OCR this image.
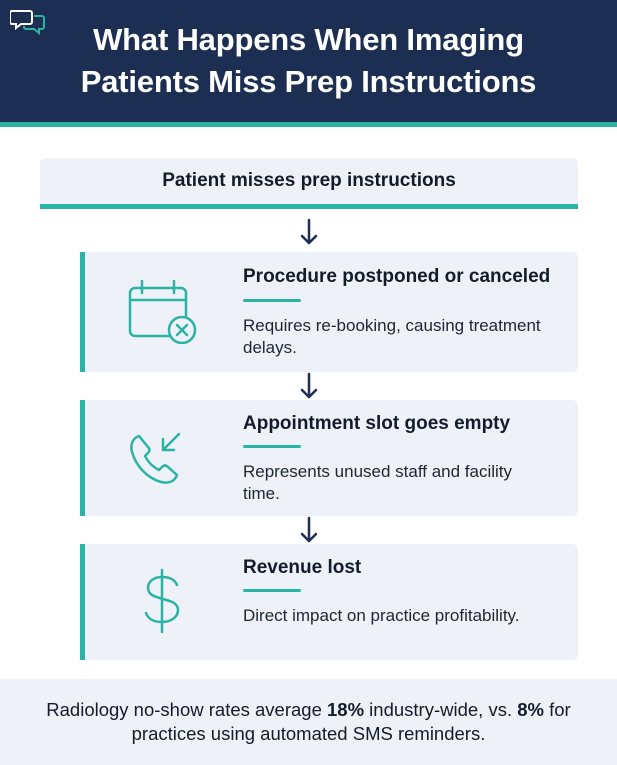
What Happens When Imaging Patients Miss Prep Instructions
Patient misses prep instructions
Procedure postponed or canceled
Requires re-booking, causing treatment delays.
Appointment slot goes empty
Represents unused staff and facility time.
Revenue lost
Direct impact on practice profitability.

Radiology no-show rates average 18% industry-wide, vs. 8% for practices using automated SMS reminders.
